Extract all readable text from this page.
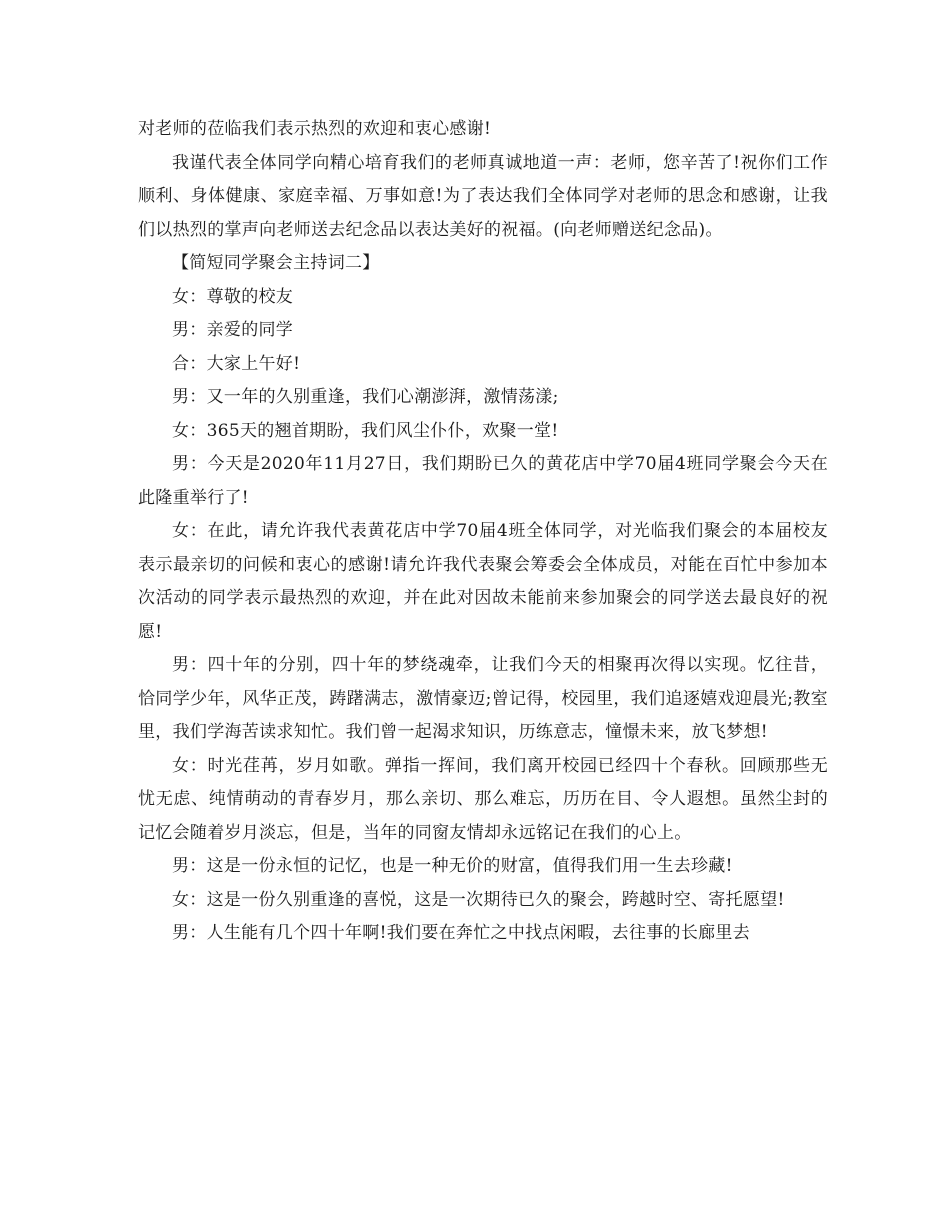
对老师的莅临我们表示热烈的欢迎和衷心感谢!

我谨代表全体同学向精心培育我们的老师真诚地道一声：老师，您辛苦了!祝你们工作顺利、身体健康、家庭幸福、万事如意!为了表达我们全体同学对老师的思念和感谢，让我们以热烈的掌声向老师送去纪念品以表达美好的祝福。(向老师赠送纪念品)。

【简短同学聚会主持词二】

女：尊敬的校友

男：亲爱的同学

合：大家上午好!

男：又一年的久别重逢，我们心潮澎湃，激情荡漾;

女：365天的翘首期盼，我们风尘仆仆，欢聚一堂!

男：今天是2020年11月27日，我们期盼已久的黄花店中学70届4班同学聚会今天在此隆重举行了!

女：在此，请允许我代表黄花店中学70届4班全体同学，对光临我们聚会的本届校友表示最亲切的问候和衷心的感谢!请允许我代表聚会筹委会全体成员，对能在百忙中参加本次活动的同学表示最热烈的欢迎，并在此对因故未能前来参加聚会的同学送去最良好的祝愿!

男：四十年的分别，四十年的梦绕魂牵，让我们今天的相聚再次得以实现。忆往昔，恰同学少年，风华正茂，踌躇满志，激情豪迈;曾记得，校园里，我们追逐嬉戏迎晨光;教室里，我们学海苦读求知忙。我们曾一起渴求知识，历练意志，憧憬未来，放飞梦想!

女：时光荏苒，岁月如歌。弹指一挥间，我们离开校园已经四十个春秋。回顾那些无忧无虑、纯情萌动的青春岁月，那么亲切、那么难忘，历历在目、令人遐想。虽然尘封的记忆会随着岁月淡忘，但是，当年的同窗友情却永远铭记在我们的心上。

男：这是一份永恒的记忆，也是一种无价的财富，值得我们用一生去珍藏!

女：这是一份久别重逢的喜悦，这是一次期待已久的聚会，跨越时空、寄托愿望!

男：人生能有几个四十年啊!我们要在奔忙之中找点闲暇，去往事的长廊里去
